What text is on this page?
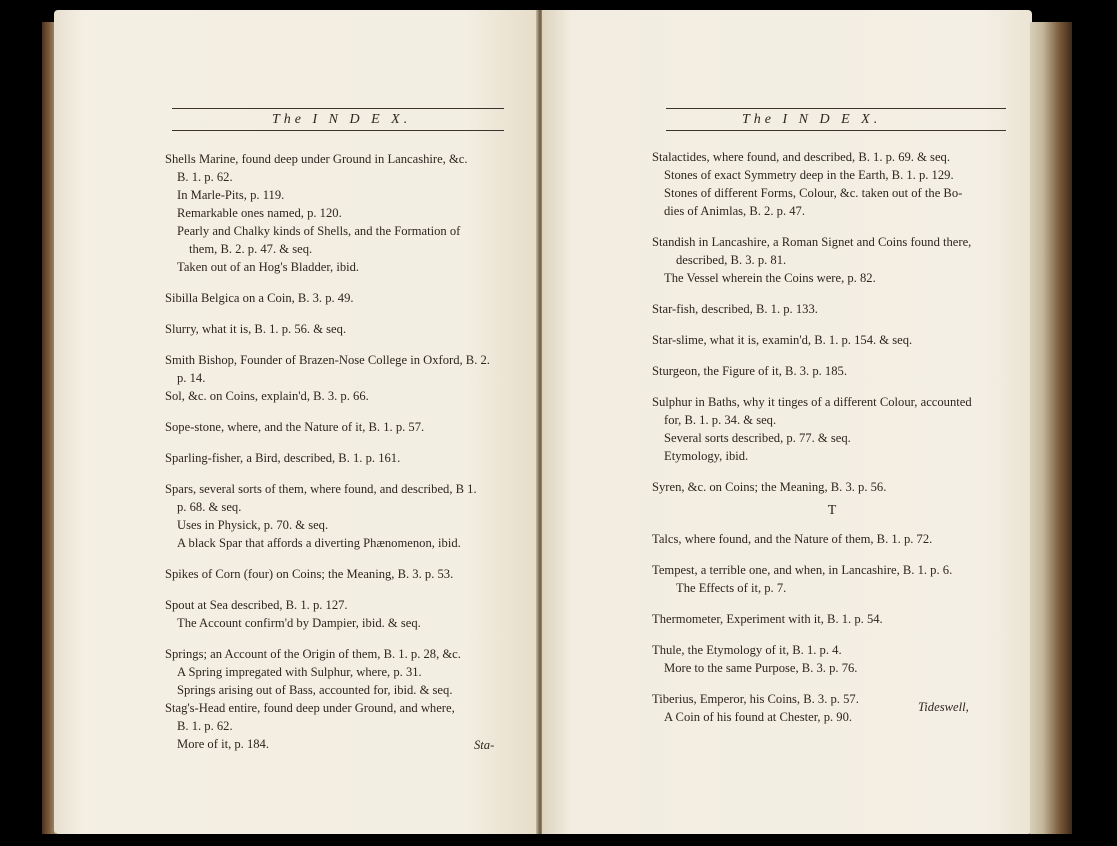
The I N D E X.
Shells Marine, found deep under Ground in Lancashire, &c.
B. 1. p. 62.
In Marle-Pits, p. 119.
Remarkable ones named, p. 120.
Pearly and Chalky kinds of Shells, and the Formation of
them, B. 2. p. 47. & seq.
Taken out of an Hog's Bladder, ibid.
Sibilla Belgica on a Coin, B. 3. p. 49.
Slurry, what it is, B. 1. p. 56. & seq.
Smith Bishop, Founder of Brazen-Nose College in Oxford, B. 2.
p. 14.
Sol, &c. on Coins, explain'd, B. 3. p. 66.
Sope-stone, where, and the Nature of it, B. 1. p. 57.
Sparling-fisher, a Bird, described, B. 1. p. 161.
Spars, several sorts of them, where found, and described, B 1.
p. 68. & seq.
Uses in Physick, p. 70. & seq.
A black Spar that affords a diverting Phænomenon, ibid.
Spikes of Corn (four) on Coins; the Meaning, B. 3. p. 53.
Spout at Sea described, B. 1. p. 127.
The Account confirm'd by Dampier, ibid. & seq.
Springs; an Account of the Origin of them, B. 1. p. 28, &c.
A Spring impregated with Sulphur, where, p. 31.
Springs arising out of Bass, accounted for, ibid. & seq.
Stag's-Head entire, found deep under Ground, and where,
B. 1. p. 62.
More of it, p. 184.	Sta-
The I N D E X.
Stalactides, where found, and described, B. 1. p. 69. & seq.
Stones of exact Symmetry deep in the Earth, B. 1. p. 129.
Stones of different Forms, Colour, &c. taken out of the Bo-
dies of Animlas, B. 2. p. 47.
Standish in Lancashire, a Roman Signet and Coins found there,
described, B. 3. p. 81.
The Vessel wherein the Coins were, p. 82.
Star-fish, described, B. 1. p. 133.
Star-slime, what it is, examin'd, B. 1. p. 154. & seq.
Sturgeon, the Figure of it, B. 3. p. 185.
Sulphur in Baths, why it tinges of a different Colour, accounted
for, B. 1. p. 34. & seq.
Several sorts described, p. 77. & seq.
Etymology, ibid.
Syren, &c. on Coins; the Meaning, B. 3. p. 56.
T
Talcs, where found, and the Nature of them, B. 1. p. 72.
Tempest, a terrible one, and when, in Lancashire, B. 1. p. 6.
The Effects of it, p. 7.
Thermometer, Experiment with it, B. 1. p. 54.
Thule, the Etymology of it, B. 1. p. 4.
More to the same Purpose, B. 3. p. 76.
Tiberius, Emperor, his Coins, B. 3. p. 57.
A Coin of his found at Chester, p. 90.
Tideswell,
